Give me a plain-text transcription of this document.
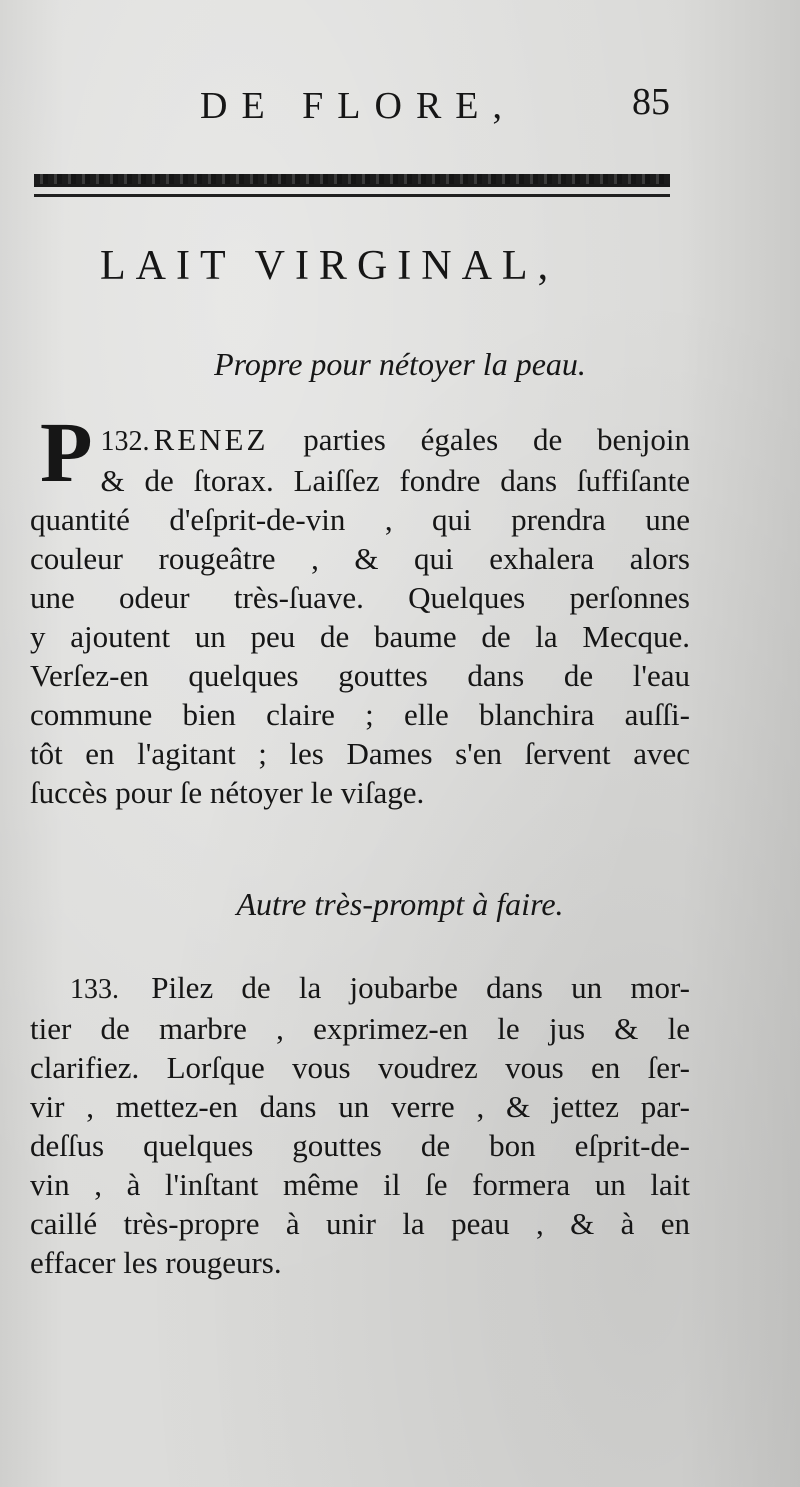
DE FLORE,	85
LAIT VIRGINAL,
Propre pour nétoyer la peau.
132.
P RENEZ parties égales de benjoin
& de ſtorax. Laiſſez fondre dans ſuffiſante
quantité d'eſprit-de-vin , qui prendra une
couleur rougeâtre , & qui exhalera alors
une odeur très-ſuave. Quelques perſonnes
y ajoutent un peu de baume de la Mecque.
Verſez-en quelques gouttes dans de l'eau
commune bien claire ; elle blanchira auſſi-
tôt en l'agitant ; les Dames s'en ſervent avec
ſuccès pour ſe nétoyer le viſage.
Autre très-prompt à faire.
133. Pilez de la joubarbe dans un mor-
tier de marbre , exprimez-en le jus & le
clarifiez. Lorſque vous voudrez vous en ſer-
vir , mettez-en dans un verre , & jettez par-
deſſus quelques gouttes de bon eſprit-de-
vin , à l'inſtant même il ſe formera un lait
caillé très-propre à unir la peau , & à en
effacer les rougeurs.
